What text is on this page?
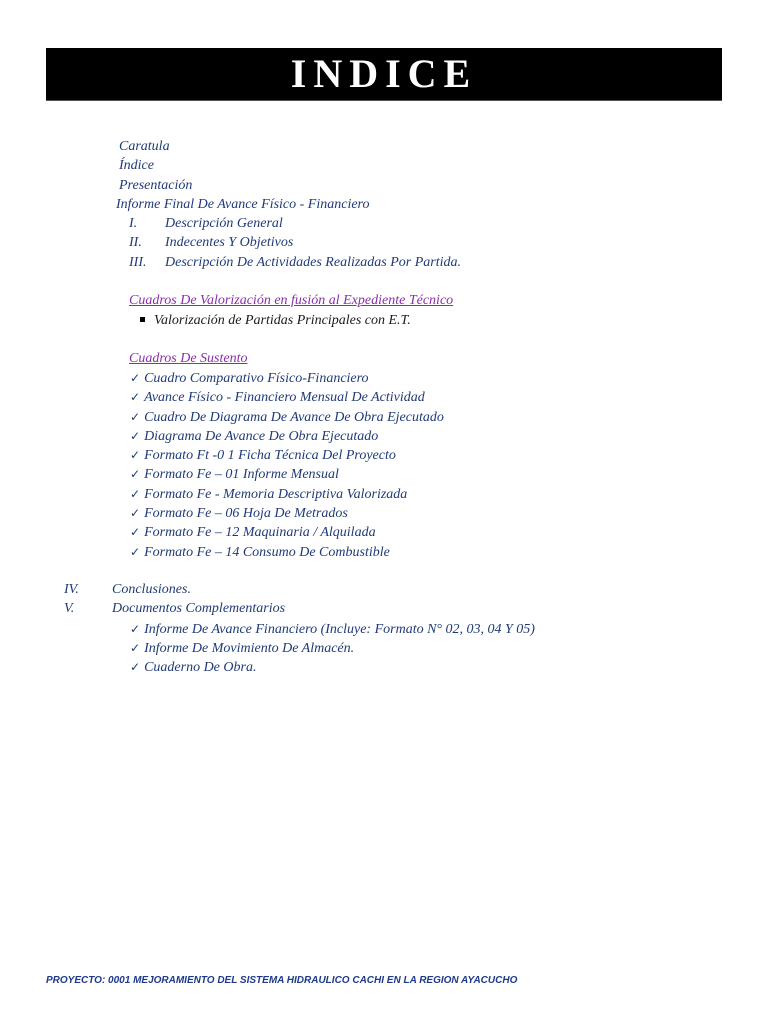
INDICE
Caratula
Índice
Presentación
Informe Final De Avance Físico - Financiero
I. Descripción General
II. Indecentes Y Objetivos
III. Descripción De Actividades Realizadas Por Partida.
Cuadros De Valorización en fusión al Expediente Técnico
Valorización de Partidas Principales con E.T.
Cuadros De Sustento
✓ Cuadro Comparativo Físico-Financiero
✓ Avance Físico - Financiero Mensual De Actividad
✓ Cuadro De Diagrama De Avance De Obra Ejecutado
✓ Diagrama De Avance De Obra Ejecutado
✓ Formato Ft -0 1 Ficha Técnica Del Proyecto
✓ Formato Fe – 01 Informe Mensual
✓ Formato Fe - Memoria Descriptiva Valorizada
✓ Formato Fe – 06 Hoja De Metrados
✓ Formato Fe – 12 Maquinaria / Alquilada
✓ Formato Fe – 14 Consumo De Combustible
IV. Conclusiones.
V.	Documentos Complementarios
✓ Informe De Avance Financiero (Incluye: Formato N° 02, 03, 04 Y 05)
✓ Informe De Movimiento De Almacén.
✓ Cuaderno De Obra.
PROYECTO: 0001 MEJORAMIENTO DEL SISTEMA HIDRAULICO CACHI EN LA REGION AYACUCHO
